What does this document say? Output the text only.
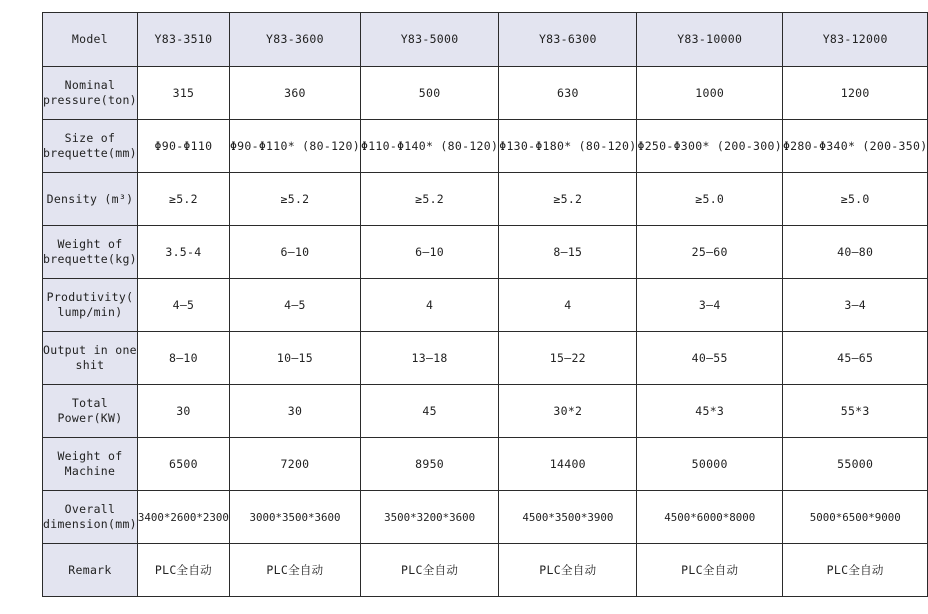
Model	Y83-3510	Y83-3600	Y83-5000	Y83-6300	Y83-10000	Y83-12000
Nominal
pressure(ton)	315	360	500	630	1000	1200
Size of
brequette(mm)	Φ90-Φ110	Φ90-Φ110* (80-120)	Φ110-Φ140* (80-120)	Φ130-Φ180* (80-120)	Φ250-Φ300* (200-300)	Φ280-Φ340* (200-350)
Density (m³)	≥5.2	≥5.2	≥5.2	≥5.2	≥5.0	≥5.0
Weight of
brequette(kg)	3.5-4	6—10	6—10	8—15	25—60	40—80
Produtivity(
lump/min)	4—5	4—5	4	4	3—4	3—4
Output in one
shit	8—10	10—15	13—18	15—22	40—55	45—65
Total
Power(KW)	30	30	45	30*2	45*3	55*3
Weight of
Machine	6500	7200	8950	14400	50000	55000
Overall
dimension(mm)	3400*2600*2300	3000*3500*3600	3500*3200*3600	4500*3500*3900	4500*6000*8000	5000*6500*9000
Remark	PLC全自动	PLC全自动	PLC全自动	PLC全自动	PLC全自动	PLC全自动
